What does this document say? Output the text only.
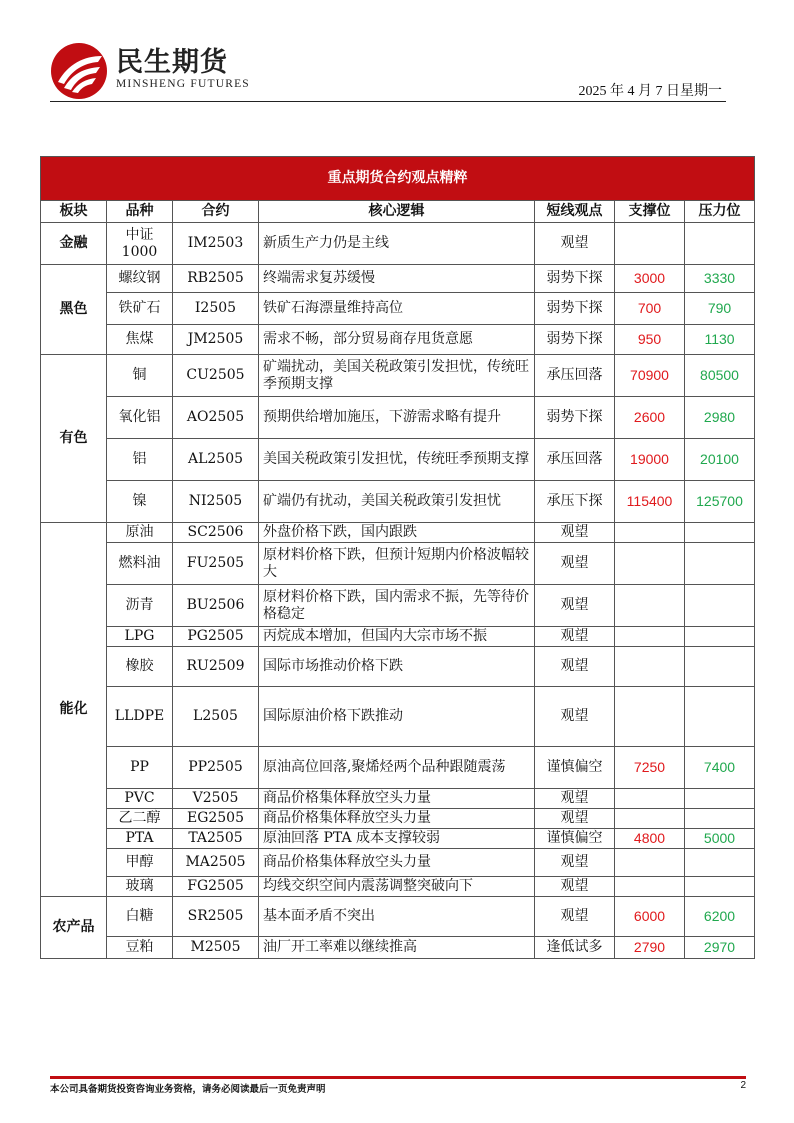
民生期货
MINSHENG FUTURES	2025 年 4 月 7 日星期一
重点期货合约观点精粹						
板块	品种	合约	核心逻辑	短线观点	支撑位	压力位
金融	中证1000	IM2503	新质生产力仍是主线	观望		
黑色	螺纹钢	RB2505	终端需求复苏缓慢	弱势下探	3000	3330
	铁矿石	I2505	铁矿石海漂量维持高位	弱势下探	700	790
	焦煤	JM2505	需求不畅，部分贸易商存甩货意愿	弱势下探	950	1130
有色	铜	CU2505	矿端扰动，美国关税政策引发担忧，传统旺季预期支撑	承压回落	70900	80500
	氧化铝	AO2505	预期供给增加施压，下游需求略有提升	弱势下探	2600	2980
	铝	AL2505	美国关税政策引发担忧，传统旺季预期支撑	承压回落	19000	20100
	镍	NI2505	矿端仍有扰动，美国关税政策引发担忧	承压下探	115400	125700
能化	原油	SC2506	外盘价格下跌，国内跟跌	观望		
	燃料油	FU2505	原材料价格下跌，但预计短期内价格波幅较大	观望		
	沥青	BU2506	原材料价格下跌，国内需求不振，先等待价格稳定	观望		
	LPG	PG2505	丙烷成本增加，但国内大宗市场不振	观望		
	橡胶	RU2509	国际市场推动价格下跌	观望		
	LLDPE	L2505	国际原油价格下跌推动	观望		
	PP	PP2505	原油高位回落,聚烯烃两个品种跟随震荡	谨慎偏空	7250	7400
	PVC	V2505	商品价格集体释放空头力量	观望		
	乙二醇	EG2505	商品价格集体释放空头力量	观望		
	PTA	TA2505	原油回落 PTA 成本支撑较弱	谨慎偏空	4800	5000
	甲醇	MA2505	商品价格集体释放空头力量	观望		
	玻璃	FG2505	均线交织空间内震荡调整突破向下	观望		
农产品	白糖	SR2505	基本面矛盾不突出	观望	6000	6200
	豆粕	M2505	油厂开工率难以继续推高	逢低试多	2790	2970
本公司具备期货投资咨询业务资格，请务必阅读最后一页免责声明	2
